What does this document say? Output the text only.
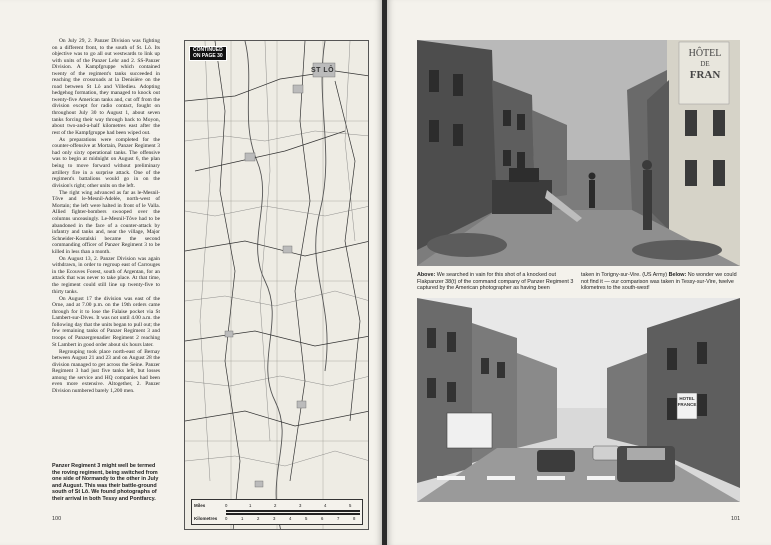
On July 29, 2. Panzer Division was fighting on a different front, to the south of St. Lô. Its objective was to go all out westwards to link up with units of the Panzer Lehr and 2. SS-Panzer Division. A Kampfgruppe which contained twenty of the regiment's tanks succeeded in reaching the crossroads at la Denisière on the road between St Lô and Villedieu. Adopting hedgehog formation, they managed to knock out twenty-five American tanks and, cut off from the division except for radio contact, fought on throughout July 30 to August 1, about seven tanks forcing their way through back to Moyon, about two-and-a-half kilometres east after the rest of the Kampfgruppe had been wiped out.

As preparations were completed for the counter-offensive at Mortain, Panzer Regiment 3 had only sixty operational tanks. The offensive was to begin at midnight on August 6, the plan being to move forward without preliminary artillery fire in a surprise attack. One of the regiment's battalions would go in on the division's right; other units on the left.

The right wing advanced as far as le-Mesnil-Tôve and le-Mesnil-Adelée, north-west of Mortain; the left were halted in front of le Valla. Allied fighter-bombers swooped over the columns unceasingly. Le-Mesnil-Tôve had to be abandoned in the face of a counter-attack by infantry and tanks and, near the village, Major Schneider-Kostalski became the second commanding officer of Panzer Regiment 3 to be killed in less than a month.

On August 13, 2. Panzer Division was again withdrawn, in order to regroup east of Carrouges in the Ecouves Forest, south of Argentan, for an attack that was never to take place. At that time, the regiment could still line up twenty-five to thirty tanks.

On August 17 the division was east of the Orne, and at 7.00 p.m. on the 19th orders came through for it to lose the Falaise pocket via St Lambert-sur-Dives. It was not until 4.00 a.m. the following day that the units began to pull out; the few remaining tanks of Panzer Regiment 3 and troops of Panzergrenadier Regiment 2 reaching St Lambert in good order about six hours later.

Regrouping took place north-east of Bernay between August 21 and 23 and on August 28 the division managed to get across the Seine. Panzer Regiment 3 had just five tanks left, but losses among the service and HQ companies had been even more extensive. Altogether, 2. Panzer Division numbered barely 1,200 men.

Panzer Regiment 3 might well be termed the roving regiment, being switched from one side of Normandy to the other in July and August. This was their battle-ground south of St Lô. We found photographs of their arrival in both Tessy and Pontfarcy.
100
CONTINUED
ON PAGE 30
ST LÔ
Miles
Kilometres
0	1	2	3	4	5
0	1	2	3	4	5	6	7	8
HÔTEL
DE
FRAN
Above: We searched in vain for this shot of a knocked out Flakpanzer 38(t) of the command company of Panzer Regiment 3 captured by the American photographer as having been
taken in Torigny-sur-Vire. (US Army) Below: No wonder we could not find it — our comparison was taken in Tessy-sur-Vire, twelve kilometres to the south-west!
HOTEL
FRANCE
101
